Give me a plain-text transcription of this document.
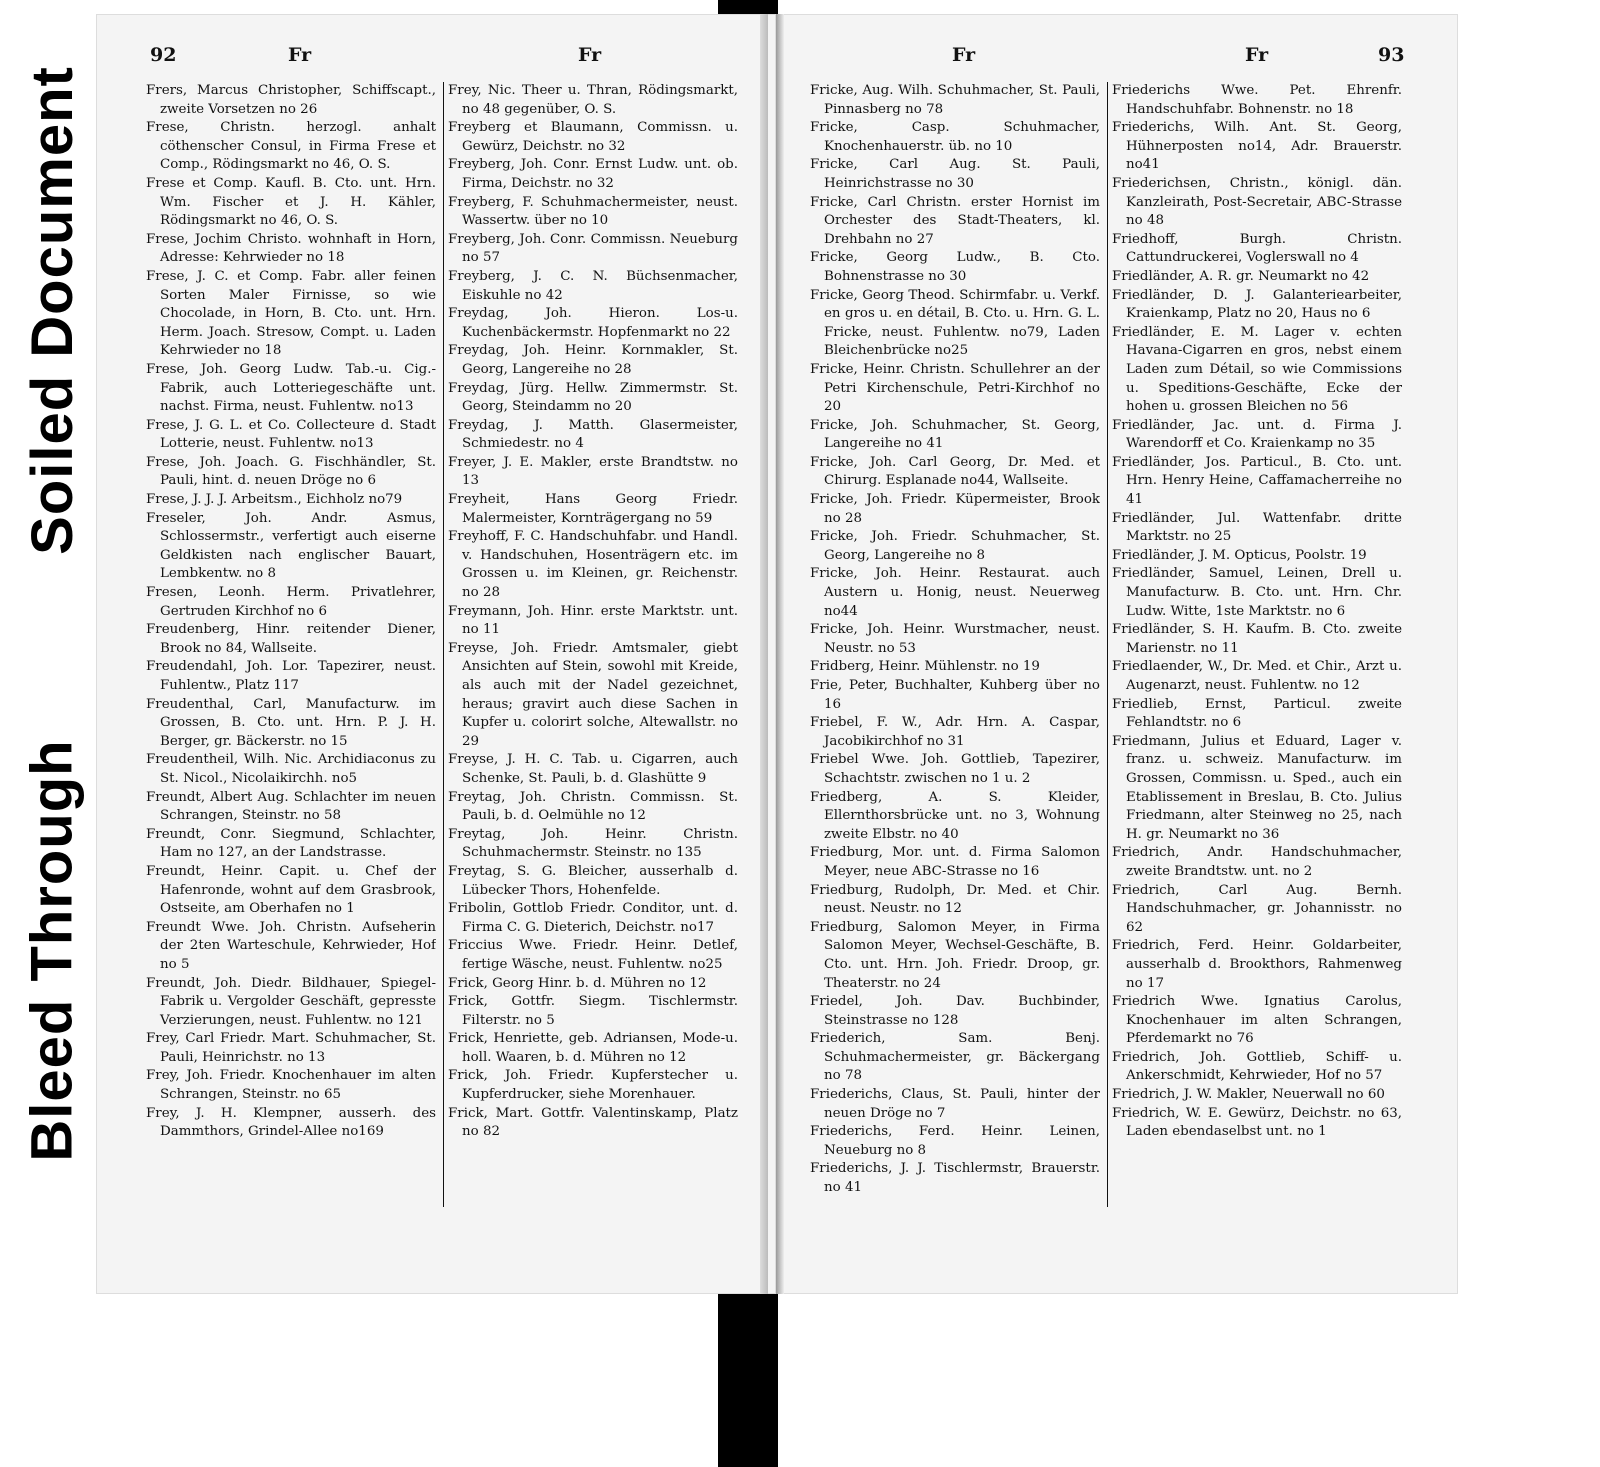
Soiled Document
Bleed Through
92	Fr	Fr	Fr	Fr	93

Frers, Marcus Christopher, Schiffscapt., zweite Vorsetzen no 26

Frese, Christn. herzogl. anhalt cöthenscher Consul, in Firma Frese et Comp., Rödingsmarkt no 46, O. S.

Frese et Comp. Kaufl. B. Cto. unt. Hrn. Wm. Fischer et J. H. Kähler, Rödingsmarkt no 46, O. S.

Frese, Jochim Christo. wohnhaft in Horn, Adresse: Kehrwieder no 18

Frese, J. C. et Comp. Fabr. aller feinen Sorten Maler Firnisse, so wie Chocolade, in Horn, B. Cto. unt. Hrn. Herm. Joach. Stresow, Compt. u. Laden Kehrwieder no 18

Frese, Joh. Georg Ludw. Tab.-u. Cig.-Fabrik, auch Lotteriegeschäfte unt. nachst. Firma, neust. Fuhlentw. no13

Frese, J. G. L. et Co. Collecteure d. Stadt Lotterie, neust. Fuhlentw. no13

Frese, Joh. Joach. G. Fischhändler, St. Pauli, hint. d. neuen Dröge no 6

Frese, J. J. J. Arbeitsm., Eichholz no79

Freseler, Joh. Andr. Asmus, Schlossermstr., verfertigt auch eiserne Geldkisten nach englischer Bauart, Lembkentw. no 8

Fresen, Leonh. Herm. Privatlehrer, Gertruden Kirchhof no 6

Freudenberg, Hinr. reitender Diener, Brook no 84, Wallseite.

Freudendahl, Joh. Lor. Tapezirer, neust. Fuhlentw., Platz 117

Freudenthal, Carl, Manufacturw. im Grossen, B. Cto. unt. Hrn. P. J. H. Berger, gr. Bäckerstr. no 15

Freudentheil, Wilh. Nic. Archidiaconus zu St. Nicol., Nicolaikirchh. no5

Freundt, Albert Aug. Schlachter im neuen Schrangen, Steinstr. no 58

Freundt, Conr. Siegmund, Schlachter, Ham no 127, an der Landstrasse.

Freundt, Heinr. Capit. u. Chef der Hafenronde, wohnt auf dem Grasbrook, Ostseite, am Oberhafen no 1

Freundt Wwe. Joh. Christn. Aufseherin der 2ten Warteschule, Kehrwieder, Hof no 5

Freundt, Joh. Diedr. Bildhauer, Spiegel-Fabrik u. Vergolder Geschäft, gepresste Verzierungen, neust. Fuhlentw. no 121

Frey, Carl Friedr. Mart. Schuhmacher, St. Pauli, Heinrichstr. no 13

Frey, Joh. Friedr. Knochenhauer im alten Schrangen, Steinstr. no 65

Frey, J. H. Klempner, ausserh. des Dammthors, Grindel-Allee no169

Frey, Nic. Theer u. Thran, Rödingsmarkt, no 48 gegenüber, O. S.

Freyberg et Blaumann, Commissn. u. Gewürz, Deichstr. no 32

Freyberg, Joh. Conr. Ernst Ludw. unt. ob. Firma, Deichstr. no 32

Freyberg, F. Schuhmachermeister, neust. Wassertw. über no 10

Freyberg, Joh. Conr. Commissn. Neueburg no 57

Freyberg, J. C. N. Büchsenmacher, Eiskuhle no 42

Freydag, Joh. Hieron. Los-u. Kuchenbäckermstr. Hopfenmarkt no 22

Freydag, Joh. Heinr. Kornmakler, St. Georg, Langereihe no 28

Freydag, Jürg. Hellw. Zimmermstr. St. Georg, Steindamm no 20

Freydag, J. Matth. Glasermeister, Schmiedestr. no 4

Freyer, J. E. Makler, erste Brandtstw. no 13

Freyheit, Hans Georg Friedr. Malermeister, Kornträgergang no 59

Freyhoff, F. C. Handschuhfabr. und Handl. v. Handschuhen, Hosenträgern etc. im Grossen u. im Kleinen, gr. Reichenstr. no 28

Freymann, Joh. Hinr. erste Marktstr. unt. no 11

Freyse, Joh. Friedr. Amtsmaler, giebt Ansichten auf Stein, sowohl mit Kreide, als auch mit der Nadel gezeichnet, heraus; gravirt auch diese Sachen in Kupfer u. colorirt solche, Altewallstr. no 29

Freyse, J. H. C. Tab. u. Cigarren, auch Schenke, St. Pauli, b. d. Glashütte 9

Freytag, Joh. Christn. Commissn. St. Pauli, b. d. Oelmühle no 12

Freytag, Joh. Heinr. Christn. Schuhmachermstr. Steinstr. no 135

Freytag, S. G. Bleicher, ausserhalb d. Lübecker Thors, Hohenfelde.

Fribolin, Gottlob Friedr. Conditor, unt. d. Firma C. G. Dieterich, Deichstr. no17

Friccius Wwe. Friedr. Heinr. Detlef, fertige Wäsche, neust. Fuhlentw. no25

Frick, Georg Hinr. b. d. Mühren no 12

Frick, Gottfr. Siegm. Tischlermstr. Filterstr. no 5

Frick, Henriette, geb. Adriansen, Mode-u. holl. Waaren, b. d. Mühren no 12

Frick, Joh. Friedr. Kupferstecher u. Kupferdrucker, siehe Morenhauer.

Frick, Mart. Gottfr. Valentinskamp, Platz no 82

Fricke, Aug. Wilh. Schuhmacher, St. Pauli, Pinnasberg no 78

Fricke, Casp. Schuhmacher, Knochenhauerstr. üb. no 10

Fricke, Carl Aug. St. Pauli, Heinrichstrasse no 30

Fricke, Carl Christn. erster Hornist im Orchester des Stadt-Theaters, kl. Drehbahn no 27

Fricke, Georg Ludw., B. Cto. Bohnenstrasse no 30

Fricke, Georg Theod. Schirmfabr. u. Verkf. en gros u. en détail, B. Cto. u. Hrn. G. L. Fricke, neust. Fuhlentw. no79, Laden Bleichenbrücke no25

Fricke, Heinr. Christn. Schullehrer an der Petri Kirchenschule, Petri-Kirchhof no 20

Fricke, Joh. Schuhmacher, St. Georg, Langereihe no 41

Fricke, Joh. Carl Georg, Dr. Med. et Chirurg. Esplanade no44, Wallseite.

Fricke, Joh. Friedr. Küpermeister, Brook no 28

Fricke, Joh. Friedr. Schuhmacher, St. Georg, Langereihe no 8

Fricke, Joh. Heinr. Restaurat. auch Austern u. Honig, neust. Neuerweg no44

Fricke, Joh. Heinr. Wurstmacher, neust. Neustr. no 53

Fridberg, Heinr. Mühlenstr. no 19

Frie, Peter, Buchhalter, Kuhberg über no 16

Friebel, F. W., Adr. Hrn. A. Caspar, Jacobikirchhof no 31

Friebel Wwe. Joh. Gottlieb, Tapezirer, Schachtstr. zwischen no 1 u. 2

Friedberg, A. S. Kleider, Ellernthorsbrücke unt. no 3, Wohnung zweite Elbstr. no 40

Friedburg, Mor. unt. d. Firma Salomon Meyer, neue ABC-Strasse no 16

Friedburg, Rudolph, Dr. Med. et Chir. neust. Neustr. no 12

Friedburg, Salomon Meyer, in Firma Salomon Meyer, Wechsel-Geschäfte, B. Cto. unt. Hrn. Joh. Friedr. Droop, gr. Theaterstr. no 24

Friedel, Joh. Dav. Buchbinder, Steinstrasse no 128

Friederich, Sam. Benj. Schuhmachermeister, gr. Bäckergang no 78

Friederichs, Claus, St. Pauli, hinter der neuen Dröge no 7

Friederichs, Ferd. Heinr. Leinen, Neueburg no 8

Friederichs, J. J. Tischlermstr, Brauerstr. no 41

Friederichs Wwe. Pet. Ehrenfr. Handschuhfabr. Bohnenstr. no 18

Friederichs, Wilh. Ant. St. Georg, Hühnerposten no14, Adr. Brauerstr. no41

Friederichsen, Christn., königl. dän. Kanzleirath, Post-Secretair, ABC-Strasse no 48

Friedhoff, Burgh. Christn. Cattundruckerei, Voglerswall no 4

Friedländer, A. R. gr. Neumarkt no 42

Friedländer, D. J. Galanteriearbeiter, Kraienkamp, Platz no 20, Haus no 6

Friedländer, E. M. Lager v. echten Havana-Cigarren en gros, nebst einem Laden zum Détail, so wie Commissions u. Speditions-Geschäfte, Ecke der hohen u. grossen Bleichen no 56

Friedländer, Jac. unt. d. Firma J. Warendorff et Co. Kraienkamp no 35

Friedländer, Jos. Particul., B. Cto. unt. Hrn. Henry Heine, Caffamacherreihe no 41

Friedländer, Jul. Wattenfabr. dritte Marktstr. no 25

Friedländer, J. M. Opticus, Poolstr. 19

Friedländer, Samuel, Leinen, Drell u. Manufacturw. B. Cto. unt. Hrn. Chr. Ludw. Witte, 1ste Marktstr. no 6

Friedländer, S. H. Kaufm. B. Cto. zweite Marienstr. no 11

Friedlaender, W., Dr. Med. et Chir., Arzt u. Augenarzt, neust. Fuhlentw. no 12

Friedlieb, Ernst, Particul. zweite Fehlandtstr. no 6

Friedmann, Julius et Eduard, Lager v. franz. u. schweiz. Manufacturw. im Grossen, Commissn. u. Sped., auch ein Etablissement in Breslau, B. Cto. Julius Friedmann, alter Steinweg no 25, nach H. gr. Neumarkt no 36

Friedrich, Andr. Handschuhmacher, zweite Brandtstw. unt. no 2

Friedrich, Carl Aug. Bernh. Handschuhmacher, gr. Johannisstr. no 62

Friedrich, Ferd. Heinr. Goldarbeiter, ausserhalb d. Brookthors, Rahmenweg no 17

Friedrich Wwe. Ignatius Carolus, Knochenhauer im alten Schrangen, Pferdemarkt no 76

Friedrich, Joh. Gottlieb, Schiff- u. Ankerschmidt, Kehrwieder, Hof no 57

Friedrich, J. W. Makler, Neuerwall no 60

Friedrich, W. E. Gewürz, Deichstr. no 63, Laden ebendaselbst unt. no 1
